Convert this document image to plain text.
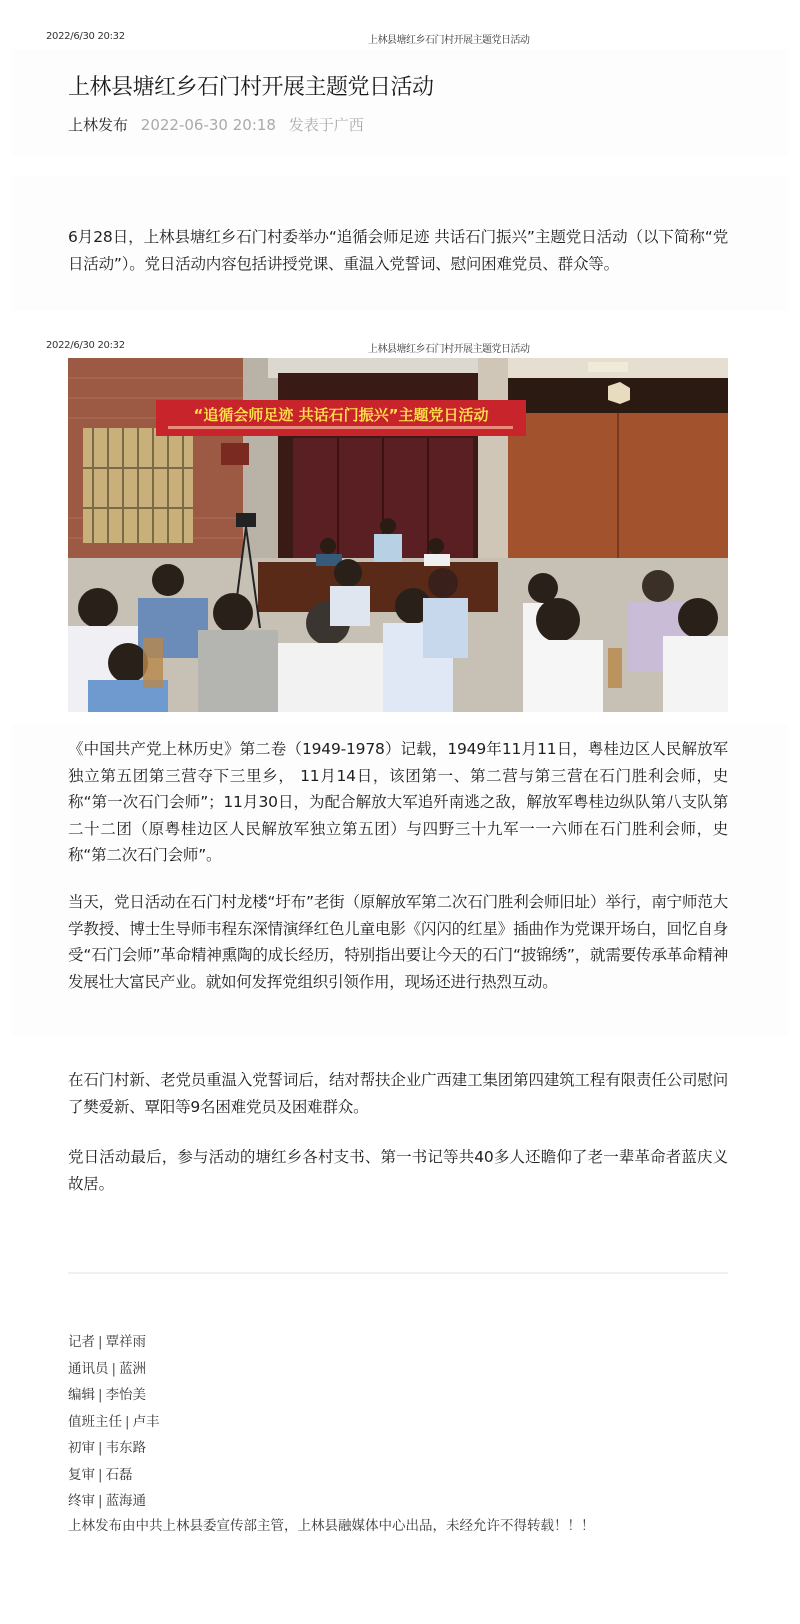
2022/6/30 20:32	上林县塘红乡石门村开展主题党日活动
上林县塘红乡石门村开展主题党日活动
上林发布 2022-06-30 20:18 发表于广西

6月28日，上林县塘红乡石门村委举办“追循会师足迹 共话石门振兴”主题党日活动（以下简称“党日活动”）。党日活动内容包括讲授党课、重温入党誓词、慰问困难党员、群众等。

2022/6/30 20:32	上林县塘红乡石门村开展主题党日活动
“追循会师足迹 共话石门振兴”主题党日活动

《中国共产党上林历史》第二卷（1949-1978）记载，1949年11月11日，粤桂边区人民解放军独立第五团第三营夺下三里乡， 11月14日，该团第一、第二营与第三营在石门胜利会师，史称“第一次石门会师”；11月30日，为配合解放大军追歼南逃之敌，解放军粤桂边纵队第八支队第二十二团（原粤桂边区人民解放军独立第五团）与四野三十九军一一六师在石门胜利会师，史称“第二次石门会师”。

当天，党日活动在石门村龙楼“圩布”老街（原解放军第二次石门胜利会师旧址）举行，南宁师范大学教授、博士生导师韦程东深情演绎红色儿童电影《闪闪的红星》插曲作为党课开场白，回忆自身受“石门会师”革命精神熏陶的成长经历，特别指出要让今天的石门“披锦绣”，就需要传承革命精神发展壮大富民产业。就如何发挥党组织引领作用，现场还进行热烈互动。

在石门村新、老党员重温入党誓词后，结对帮扶企业广西建工集团第四建筑工程有限责任公司慰问了樊爱新、覃阳等9名困难党员及困难群众。

党日活动最后，参与活动的塘红乡各村支书、第一书记等共40多人还瞻仰了老一辈革命者蓝庆义故居。

记者 | 覃祥雨
通讯员 | 蓝洲
编辑 | 李怡美
值班主任 | 卢丰
初审 | 韦东路
复审 | 石磊
终审 | 蓝海通
上林发布由中共上林县委宣传部主管，上林县融媒体中心出品，未经允许不得转载！！！
